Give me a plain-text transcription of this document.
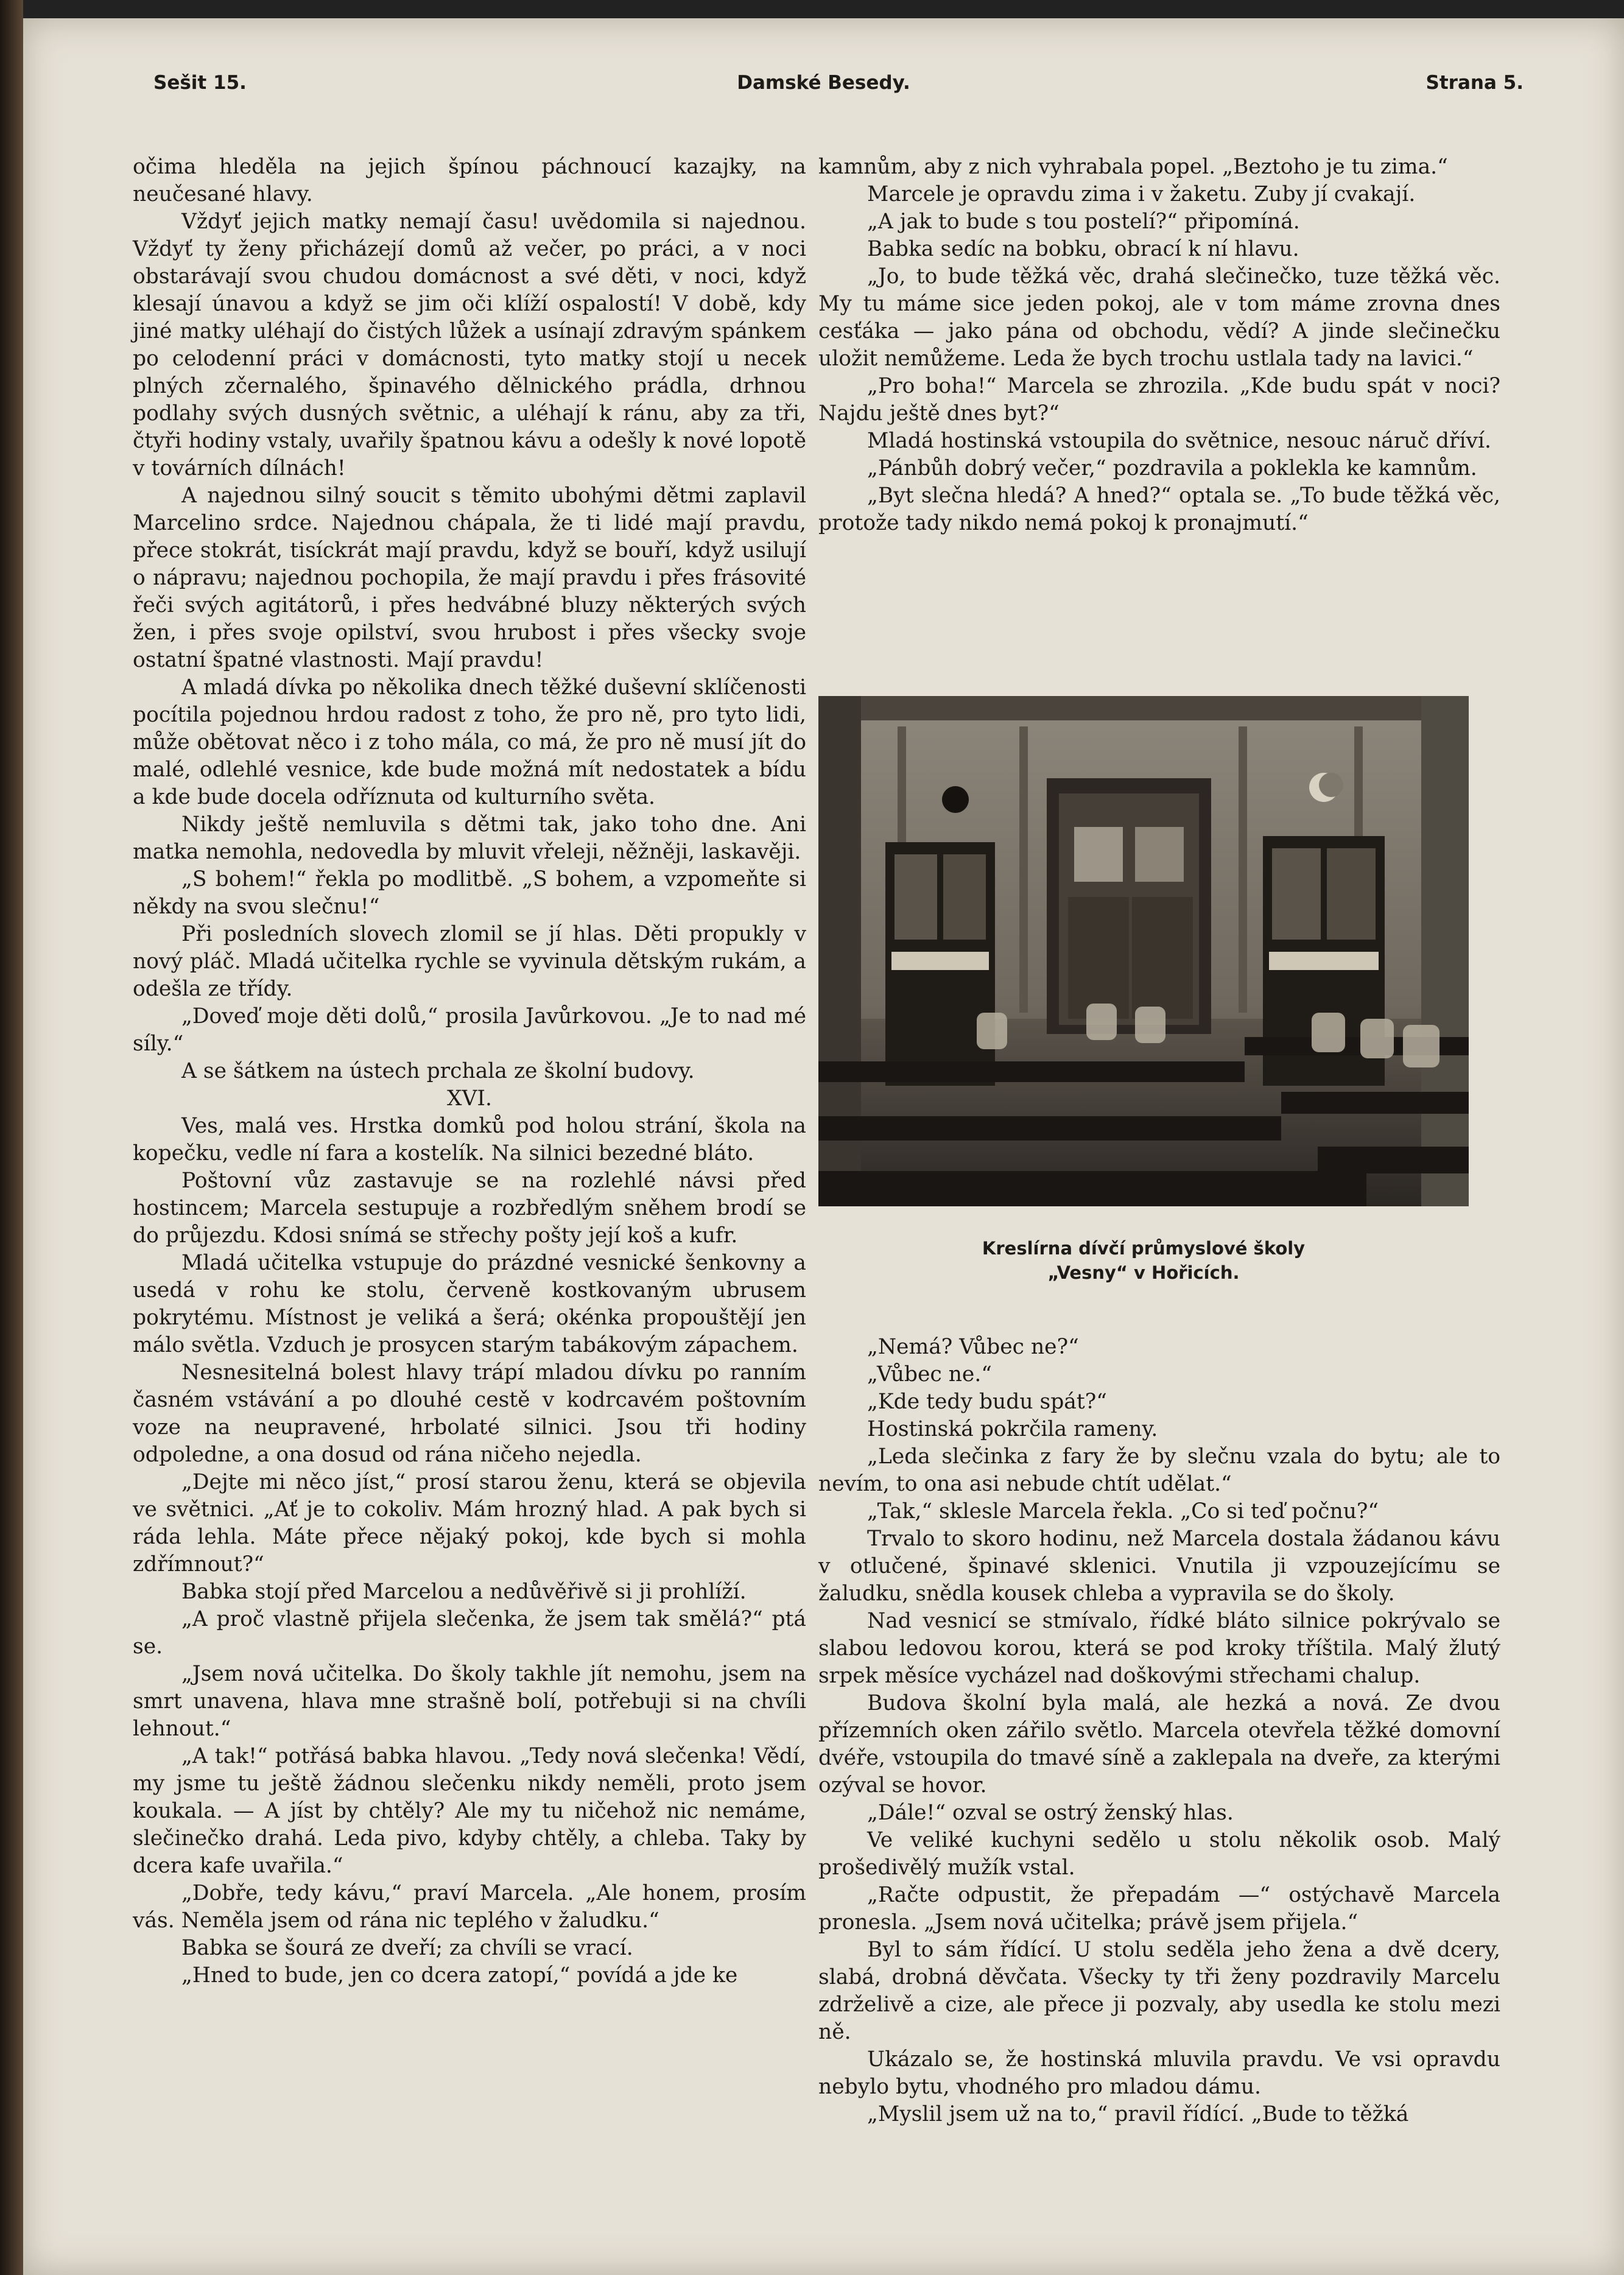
Sešit 15.	Damské Besedy.	Strana 5.

očima hleděla na jejich špínou páchnoucí kazajky, na neučesané hlavy.

Vždyť jejich matky nemají času! uvědomila si najednou. Vždyť ty ženy přicházejí domů až večer, po práci, a v noci obstarávají svou chudou domácnost a své děti, v noci, když klesají únavou a když se jim oči klíží ospalostí! V době, kdy jiné matky uléhají do čistých lůžek a usínají zdravým spánkem po celodenní práci v domácnosti, tyto matky stojí u necek plných zčernalého, špinavého dělnického prádla, drhnou podlahy svých dusných světnic, a uléhají k ránu, aby za tři, čtyři hodiny vstaly, uvařily špatnou kávu a odešly k nové lopotě v továrních dílnách!

A najednou silný soucit s těmito ubohými dětmi zaplavil Marcelino srdce. Najednou chápala, že ti lidé mají pravdu, přece stokrát, tisíckrát mají pravdu, když se bouří, když usilují o nápravu; najednou pochopila, že mají pravdu i přes frásovité řeči svých agitátorů, i přes hedvábné bluzy některých svých žen, i přes svoje opilství, svou hrubost i přes všecky svoje ostatní špatné vlastnosti. Mají pravdu!

A mladá dívka po několika dnech těžké duševní sklíčenosti pocítila pojednou hrdou radost z toho, že pro ně, pro tyto lidi, může obětovat něco i z toho mála, co má, že pro ně musí jít do malé, odlehlé vesnice, kde bude možná mít nedostatek a bídu a kde bude docela odříznuta od kulturního světa.

Nikdy ještě nemluvila s dětmi tak, jako toho dne. Ani matka nemohla, nedovedla by mluvit vřeleji, něžněji, laskavěji.

„S bohem!“ řekla po modlitbě. „S bohem, a vzpomeňte si někdy na svou slečnu!“

Při posledních slovech zlomil se jí hlas. Děti propukly v nový pláč. Mladá učitelka rychle se vyvinula dětským rukám, a odešla ze třídy.

„Doveď moje děti dolů,“ prosila Javůrkovou. „Je to nad mé síly.“

A se šátkem na ústech prchala ze školní budovy.

XVI.

Ves, malá ves. Hrstka domků pod holou strání, škola na kopečku, vedle ní fara a kostelík. Na silnici bezedné bláto.

Poštovní vůz zastavuje se na rozlehlé návsi před hostincem; Marcela sestupuje a rozbředlým sněhem brodí se do průjezdu. Kdosi snímá se střechy pošty její koš a kufr.

Mladá učitelka vstupuje do prázdné vesnické šenkovny a usedá v rohu ke stolu, červeně kostkovaným ubrusem pokrytému. Místnost je veliká a šerá; okénka propouštějí jen málo světla. Vzduch je prosycen starým tabákovým zápachem.

Nesnesitelná bolest hlavy trápí mladou dívku po ranním časném vstávání a po dlouhé cestě v kodrcavém poštovním voze na neupravené, hrbolaté silnici. Jsou tři hodiny odpoledne, a ona dosud od rána ničeho nejedla.

„Dejte mi něco jíst,“ prosí starou ženu, která se objevila ve světnici. „Ať je to cokoliv. Mám hrozný hlad. A pak bych si ráda lehla. Máte přece nějaký pokoj, kde bych si mohla zdřímnout?“

Babka stojí před Marcelou a nedůvěřivě si ji prohlíží.

„A proč vlastně přijela slečenka, že jsem tak smělá?“ ptá se.

„Jsem nová učitelka. Do školy takhle jít nemohu, jsem na smrt unavena, hlava mne strašně bolí, potřebuji si na chvíli lehnout.“

„A tak!“ potřásá babka hlavou. „Tedy nová slečenka! Vědí, my jsme tu ještě žádnou slečenku nikdy neměli, proto jsem koukala. — A jíst by chtěly? Ale my tu ničehož nic nemáme, slečinečko drahá. Leda pivo, kdyby chtěly, a chleba. Taky by dcera kafe uvařila.“

„Dobře, tedy kávu,“ praví Marcela. „Ale honem, prosím vás. Neměla jsem od rána nic teplého v žaludku.“

Babka se šourá ze dveří; za chvíli se vrací.

„Hned to bude, jen co dcera zatopí,“ povídá a jde ke

kamnům, aby z nich vyhrabala popel. „Beztoho je tu zima.“

Marcele je opravdu zima i v žaketu. Zuby jí cvakají.

„A jak to bude s tou postelí?“ připomíná.

Babka sedíc na bobku, obrací k ní hlavu.

„Jo, to bude těžká věc, drahá slečinečko, tuze těžká věc. My tu máme sice jeden pokoj, ale v tom máme zrovna dnes cesťáka — jako pána od obchodu, vědí? A jinde slečinečku uložit nemůžeme. Leda že bych trochu ustlala tady na lavici.“

„Pro boha!“ Marcela se zhrozila. „Kde budu spát v noci? Najdu ještě dnes byt?“

Mladá hostinská vstoupila do světnice, nesouc náruč dříví.

„Pánbůh dobrý večer,“ pozdravila a poklekla ke kamnům.

„Byt slečna hledá? A hned?“ optala se. „To bude těžká věc, protože tady nikdo nemá pokoj k pronajmutí.“

Kreslírna dívčí průmyslové školy
„Vesny“ v Hořicích.

„Nemá? Vůbec ne?“

„Vůbec ne.“

„Kde tedy budu spát?“

Hostinská pokrčila rameny.

„Leda slečinka z fary že by slečnu vzala do bytu; ale to nevím, to ona asi nebude chtít udělat.“

„Tak,“ sklesle Marcela řekla. „Co si teď počnu?“

Trvalo to skoro hodinu, než Marcela dostala žádanou kávu v otlučené, špinavé sklenici. Vnutila ji vzpouzejícímu se žaludku, snědla kousek chleba a vypravila se do školy.

Nad vesnicí se stmívalo, řídké bláto silnice pokrývalo se slabou ledovou korou, která se pod kroky tříštila. Malý žlutý srpek měsíce vycházel nad doškovými střechami chalup.

Budova školní byla malá, ale hezká a nová. Ze dvou přízemních oken zářilo světlo. Marcela otevřela těžké domovní dvéře, vstoupila do tmavé síně a zaklepala na dveře, za kterými ozýval se hovor.

„Dále!“ ozval se ostrý ženský hlas.

Ve veliké kuchyni sedělo u stolu několik osob. Malý prošedivělý mužík vstal.

„Račte odpustit, že přepadám —“ ostýchavě Marcela pronesla. „Jsem nová učitelka; právě jsem přijela.“

Byl to sám řídící. U stolu seděla jeho žena a dvě dcery, slabá, drobná děvčata. Všecky ty tři ženy pozdravily Marcelu zdrželivě a cize, ale přece ji pozvaly, aby usedla ke stolu mezi ně.

Ukázalo se, že hostinská mluvila pravdu. Ve vsi opravdu nebylo bytu, vhodného pro mladou dámu.

„Myslil jsem už na to,“ pravil řídící. „Bude to těžká
